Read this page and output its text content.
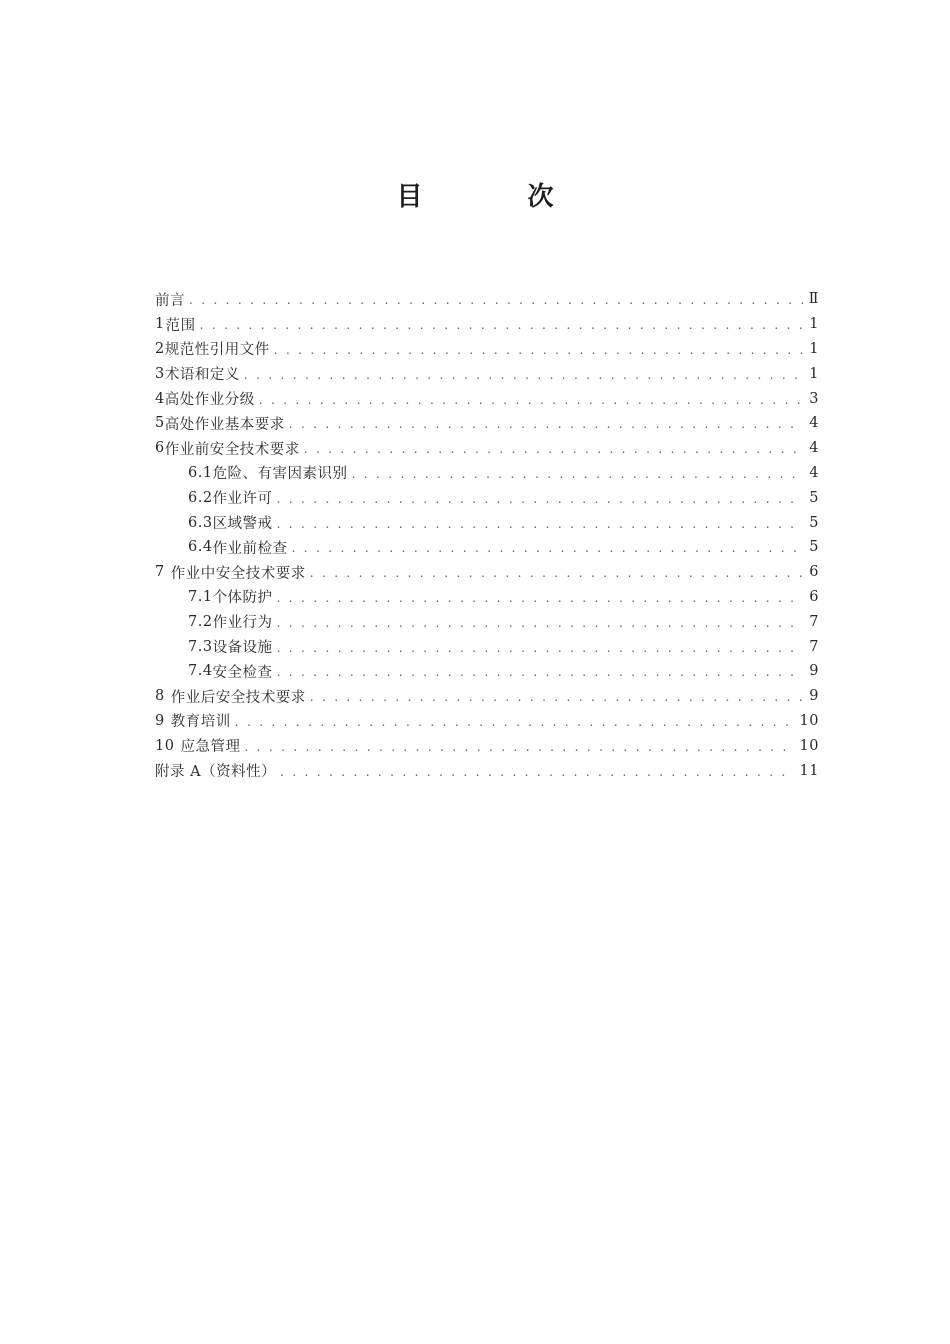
目 次
前言 . . .	Ⅱ
1 范围 . . .	1
2 规范性引用文件 . . .	1
3 术语和定义 . . .	1
4 高处作业分级 . . .	3
5 高处作业基本要求 . . .	4
6 作业前安全技术要求 . . .	4
6.1 危险、有害因素识别 . . .	4
6.2 作业许可 . . .	5
6.3 区域警戒 . . .	5
6.4 作业前检查 . . .	5
7 作业中安全技术要求 . . .	6
7.1 个体防护 . . .	6
7.2 作业行为 . . .	7
7.3 设备设施 . . .	7
7.4 安全检查 . . .	9
8 作业后安全技术要求 . . .	9
9 教育培训 . . .	10
10 应急管理 . . .	10
附录 A（资料性） . . .	11
